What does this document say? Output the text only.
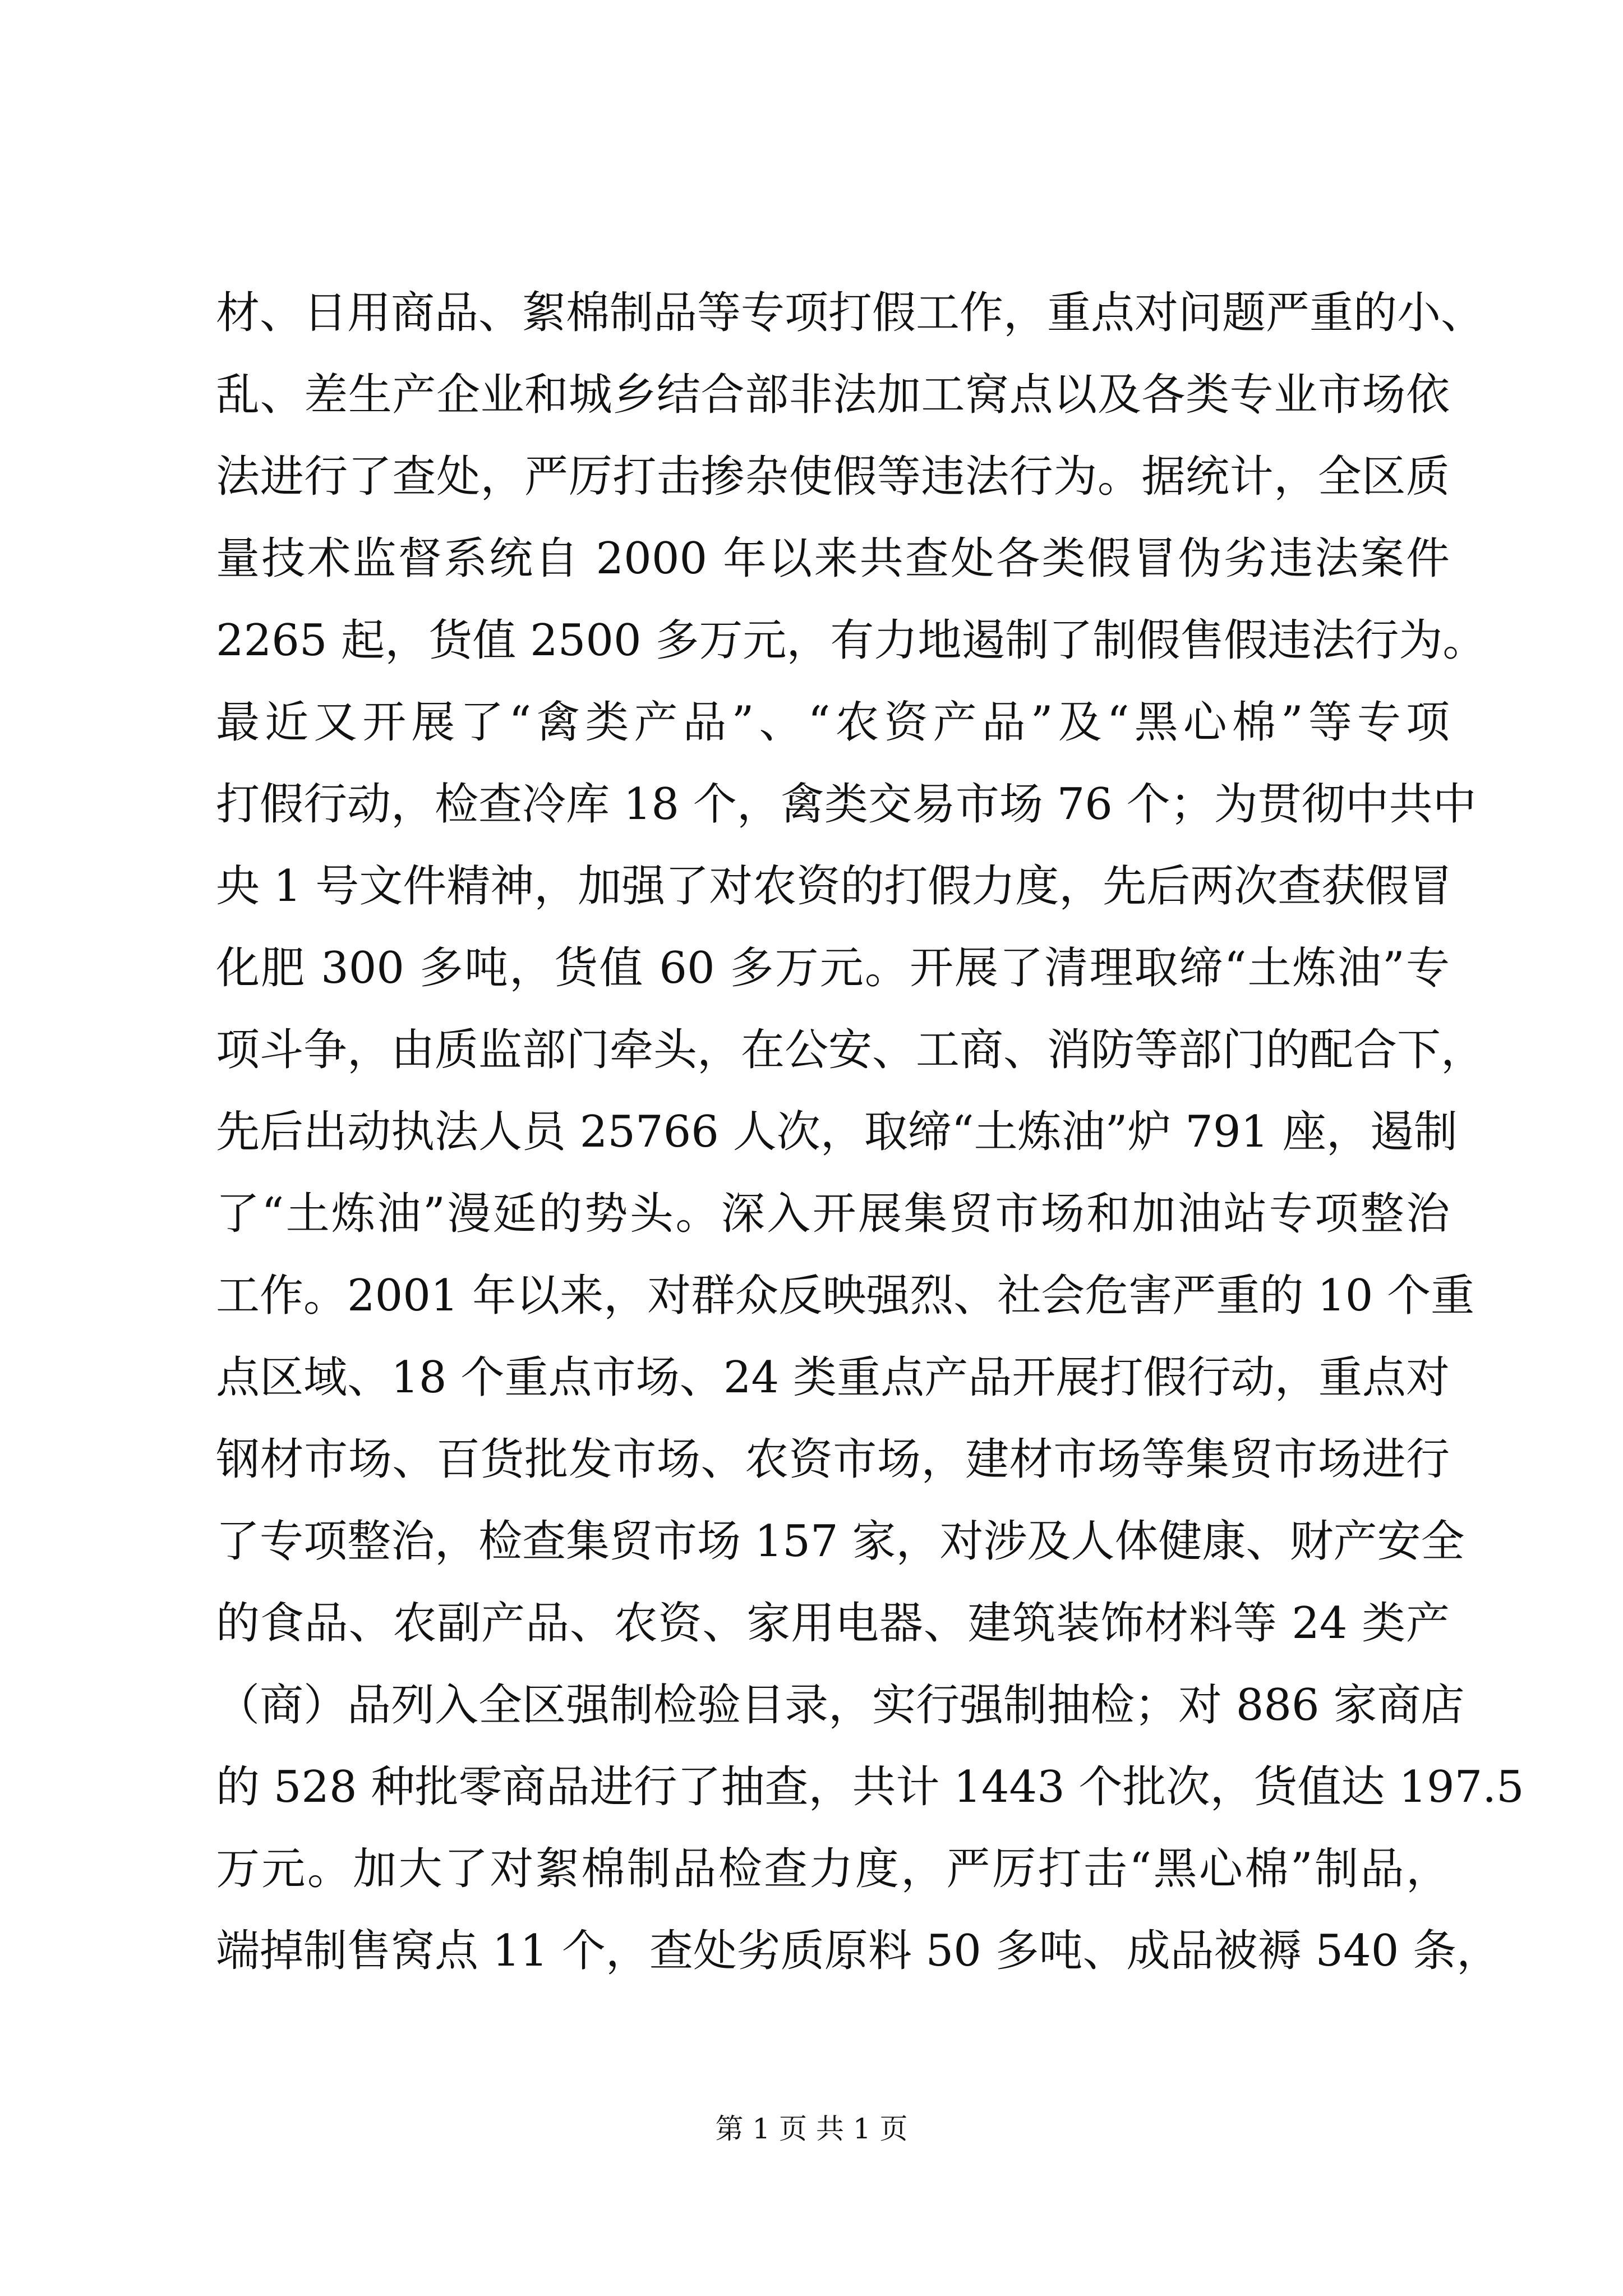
材、日用商品、絮棉制品等专项打假工作，重点对问题严重的小、
乱、差生产企业和城乡结合部非法加工窝点以及各类专业市场依
法进行了查处，严厉打击掺杂使假等违法行为。据统计，全区质
量技术监督系统自 2000 年以来共查处各类假冒伪劣违法案件
2265 起，货值 2500 多万元，有力地遏制了制假售假违法行为。
最近又开展了“禽类产品”、“农资产品”及“黑心棉”等专项
打假行动，检查冷库 18 个，禽类交易市场 76 个；为贯彻中共中
央 1 号文件精神，加强了对农资的打假力度，先后两次查获假冒
化肥 300 多吨，货值 60 多万元。开展了清理取缔“土炼油”专
项斗争，由质监部门牵头，在公安、工商、消防等部门的配合下，
先后出动执法人员 25766 人次，取缔“土炼油”炉 791 座，遏制
了“土炼油”漫延的势头。深入开展集贸市场和加油站专项整治
工作。2001 年以来，对群众反映强烈、社会危害严重的 10 个重
点区域、18 个重点市场、24 类重点产品开展打假行动，重点对
钢材市场、百货批发市场、农资市场，建材市场等集贸市场进行
了专项整治，检查集贸市场 157 家，对涉及人体健康、财产安全
的食品、农副产品、农资、家用电器、建筑装饰材料等 24 类产
（商）品列入全区强制检验目录，实行强制抽检；对 886 家商店
的 528 种批零商品进行了抽查，共计 1443 个批次，货值达 197.5
万元。加大了对絮棉制品检查力度，严厉打击“黑心棉”制品，
端掉制售窝点 11 个，查处劣质原料 50 多吨、成品被褥 540 条，
第 1 页 共 1 页
